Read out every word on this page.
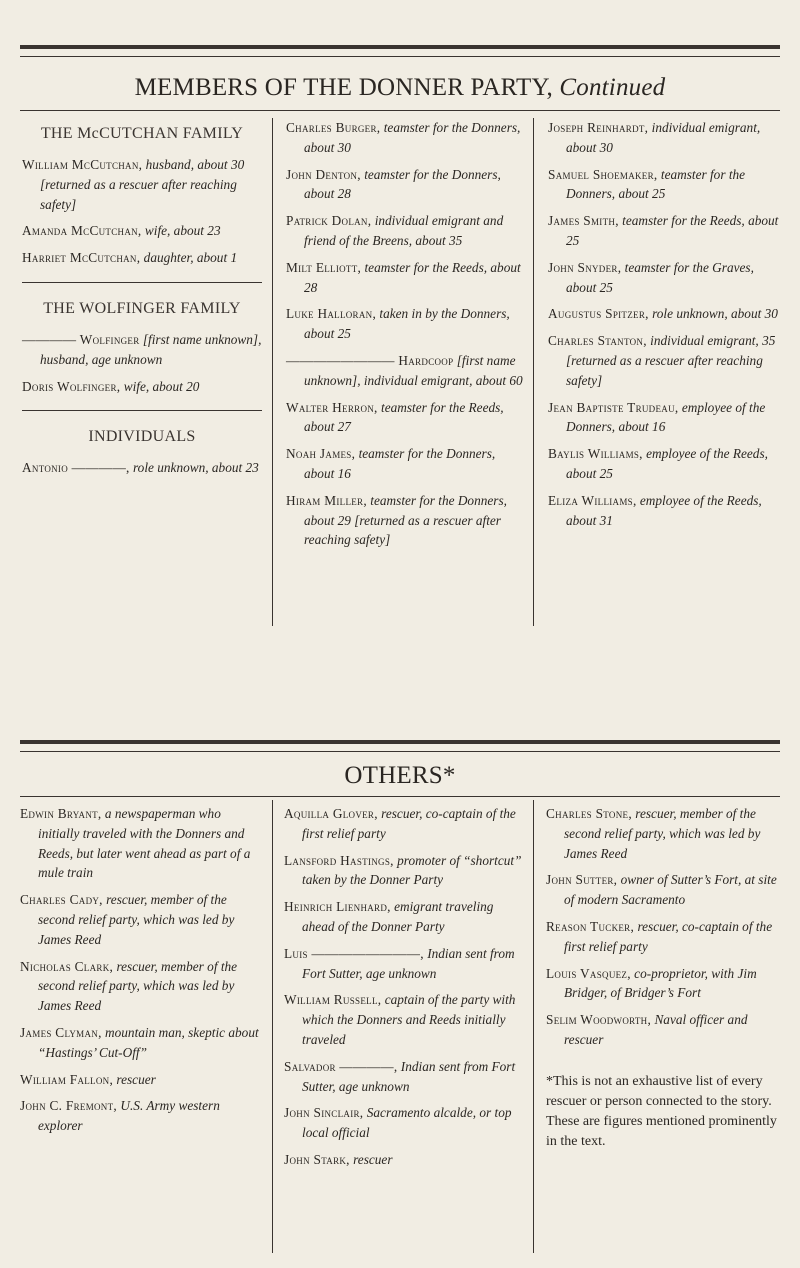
MEMBERS OF THE DONNER PARTY, Continued
THE McCUTCHAN FAMILY
William McCutchan, husband, about 30 [returned as a rescuer after reaching safety]
Amanda McCutchan, wife, about 23
Harriet McCutchan, daughter, about 1
THE WOLFINGER FAMILY
———— Wolfinger [first name unknown], husband, age unknown
Doris Wolfinger, wife, about 20
INDIVIDUALS
Antonio ————, role unknown, about 23
Charles Burger, teamster for the Donners, about 30
John Denton, teamster for the Donners, about 28
Patrick Dolan, individual emigrant and friend of the Breens, about 35
Milt Elliott, teamster for the Reeds, about 28
Luke Halloran, taken in by the Donners, about 25
———————— Hardcoop [first name unknown], individual emigrant, about 60
Walter Herron, teamster for the Reeds, about 27
Noah James, teamster for the Donners, about 16
Hiram Miller, teamster for the Donners, about 29 [returned as a rescuer after reaching safety]
Joseph Reinhardt, individual emigrant, about 30
Samuel Shoemaker, teamster for the Donners, about 25
James Smith, teamster for the Reeds, about 25
John Snyder, teamster for the Graves, about 25
Augustus Spitzer, role unknown, about 30
Charles Stanton, individual emigrant, 35 [returned as a rescuer after reaching safety]
Jean Baptiste Trudeau, employee of the Donners, about 16
Baylis Williams, employee of the Reeds, about 25
Eliza Williams, employee of the Reeds, about 31
OTHERS*
Edwin Bryant, a newspaperman who initially traveled with the Donners and Reeds, but later went ahead as part of a mule train
Charles Cady, rescuer, member of the second relief party, which was led by James Reed
Nicholas Clark, rescuer, member of the second relief party, which was led by James Reed
James Clyman, mountain man, skeptic about “Hastings’ Cut-Off”
William Fallon, rescuer
John C. Fremont, U.S. Army western explorer
Aquilla Glover, rescuer, co-captain of the first relief party
Lansford Hastings, promoter of “shortcut” taken by the Donner Party
Heinrich Lienhard, emigrant traveling ahead of the Donner Party
Luis ————————, Indian sent from Fort Sutter, age unknown
William Russell, captain of the party with which the Donners and Reeds initially traveled
Salvador ————, Indian sent from Fort Sutter, age unknown
John Sinclair, Sacramento alcalde, or top local official
John Stark, rescuer
Charles Stone, rescuer, member of the second relief party, which was led by James Reed
John Sutter, owner of Sutter’s Fort, at site of modern Sacramento
Reason Tucker, rescuer, co-captain of the first relief party
Louis Vasquez, co-proprietor, with Jim Bridger, of Bridger’s Fort
Selim Woodworth, Naval officer and rescuer
*This is not an exhaustive list of every rescuer or person connected to the story. These are figures mentioned prominently in the text.
